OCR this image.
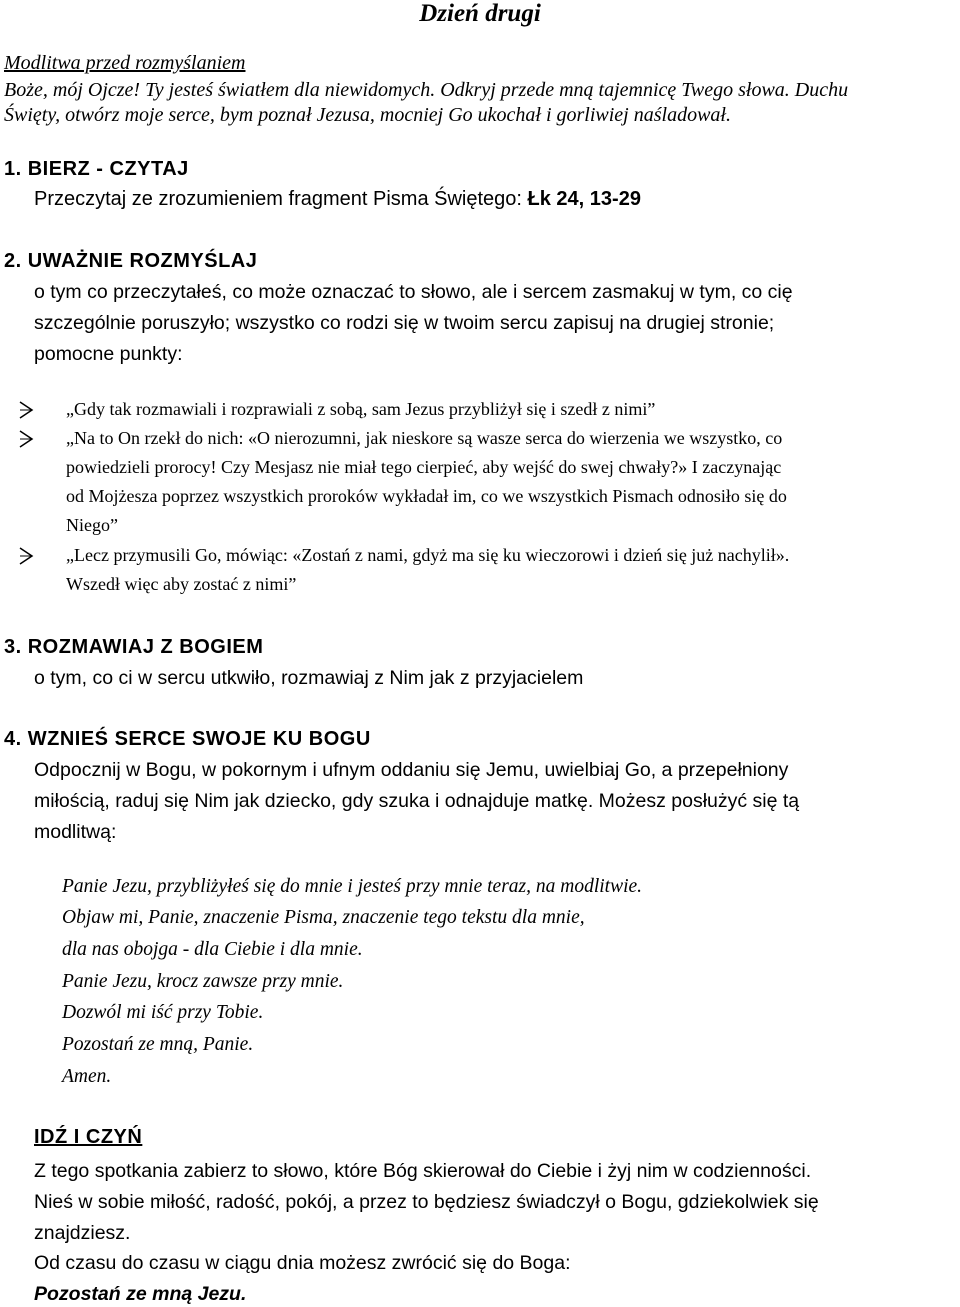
Dzień drugi
Modlitwa przed rozmyślaniem
Boże, mój Ojcze! Ty jesteś światłem dla niewidomych. Odkryj przede mną tajemnicę Twego słowa. Duchu
Święty, otwórz moje serce, bym poznał Jezusa, mocniej Go ukochał i gorliwiej naśladował.
1. BIERZ - CZYTAJ
Przeczytaj ze zrozumieniem fragment Pisma Świętego: Łk 24, 13-29
2. UWAŻNIE ROZMYŚLAJ
o tym co przeczytałeś, co może oznaczać to słowo, ale i sercem zasmakuj w tym, co cię
szczególnie poruszyło; wszystko co rodzi się w twoim sercu zapisuj na drugiej stronie;
pomocne punkty:
„Gdy tak rozmawiali i rozprawiali z sobą, sam Jezus przybliżył się i szedł z nimi”
„Na to On rzekł do nich: «O nierozumni, jak nieskore są wasze serca do wierzenia we wszystko, co
powiedzieli prorocy! Czy Mesjasz nie miał tego cierpieć, aby wejść do swej chwały?» I zaczynając
od Mojżesza poprzez wszystkich proroków wykładał im, co we wszystkich Pismach odnosiło się do
Niego”
„Lecz przymusili Go, mówiąc: «Zostań z nami, gdyż ma się ku wieczorowi i dzień się już nachylił».
Wszedł więc aby zostać z nimi”
3. ROZMAWIAJ Z BOGIEM
o tym, co ci w sercu utkwiło, rozmawiaj z Nim jak z przyjacielem
4. WZNIEŚ SERCE SWOJE KU BOGU
Odpocznij w Bogu, w pokornym i ufnym oddaniu się Jemu, uwielbiaj Go, a przepełniony
miłością, raduj się Nim jak dziecko, gdy szuka i odnajduje matkę. Możesz posłużyć się tą
modlitwą:
Panie Jezu, przybliżyłeś się do mnie i jesteś przy mnie teraz, na modlitwie.
Objaw mi, Panie, znaczenie Pisma, znaczenie tego tekstu dla mnie,
dla nas obojga - dla Ciebie i dla mnie.
Panie Jezu, krocz zawsze przy mnie.
Dozwól mi iść przy Tobie.
Pozostań ze mną, Panie.
Amen.
IDŹ I CZYŃ
Z tego spotkania zabierz to słowo, które Bóg skierował do Ciebie i żyj nim w codzienności.
Nieś w sobie miłość, radość, pokój, a przez to będziesz świadczył o Bogu, gdziekolwiek się
znajdziesz.
Od czasu do czasu w ciągu dnia możesz zwrócić się do Boga:
Pozostań ze mną Jezu.
